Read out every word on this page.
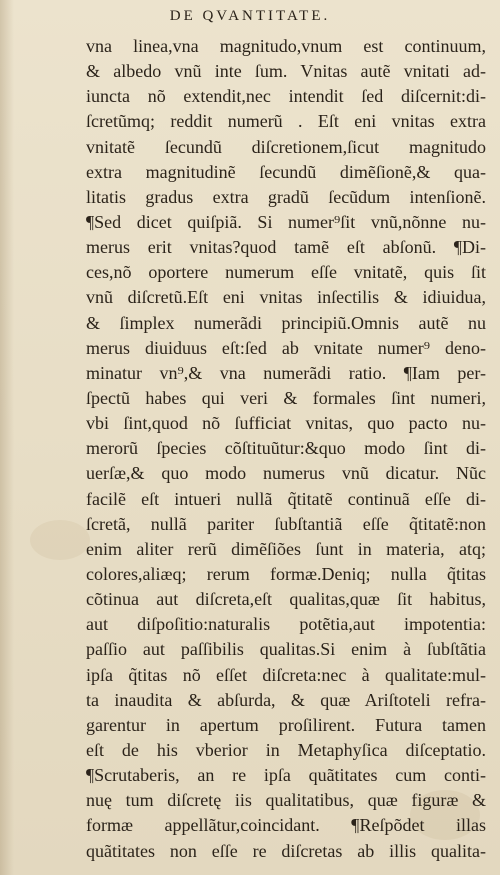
DE QVANTITATE.
vna linea,vna magnitudo,vnum est continuum,
& albedo vnũ inte ſum. Vnitas autẽ vnitati ad-
iuncta nõ extendit,nec intendit ſed diſcernit:di-
ſcretũmq; reddit numerũ . Eſt eni vnitas extra
vnitatẽ ſecundũ diſcretionem,ſicut magnitudo
extra magnitudinẽ ſecundũ dimẽſionẽ,& qua-
litatis gradus extra gradũ ſecũdum intenſionẽ.
¶Sed dicet quiſpiã. Si numer⁹ſit vnũ,nõnne nu-
merus erit vnitas?quod tamẽ eſt abſonũ. ¶Di-
ces,nõ oportere numerum eſſe vnitatẽ, quis ſit
vnũ diſcretũ.Eſt eni vnitas inſectilis & idiuidua,
& ſimplex numerãdi principiũ.Omnis autẽ nu
merus diuiduus eſt:ſed ab vnitate numer⁹ deno-
minatur vn⁹,& vna numerãdi ratio. ¶Iam per-
ſpectũ habes qui veri & formales ſint numeri,
vbi ſint,quod nõ ſufficiat vnitas, quo pacto nu-
merorũ ſpecies cõſtituũtur:&quo modo ſint di-
uerſæ,& quo modo numerus vnũ dicatur. Nũc
facilẽ eſt intueri nullã q̃titatẽ continuã eſſe di-
ſcretã, nullã pariter ſubſtantiã eſſe q̃titatẽ:non
enim aliter rerũ dimẽſiões ſunt in materia, atq;
colores,aliæq; rerum formæ.Deniq; nulla q̃titas
cõtinua aut diſcreta,eſt qualitas,quæ ſit habitus,
aut diſpoſitio:naturalis potẽtia,aut impotentia:
paſſio aut paſſibilis qualitas.Si enim à ſubſtãtia
ipſa q̃titas nõ eſſet diſcreta:nec à qualitate:mul-
ta inaudita & abſurda, & quæ Ariſtoteli refra-
garentur in apertum proſilirent. Futura tamen
eſt de his vberior in Metaphyſica diſceptatio.
¶Scrutaberis, an re ipſa quãtitates cum conti-
nuę tum diſcretę iis qualitatibus, quæ figuræ &
formæ appellãtur,coincidant. ¶Reſpõdet illas
quãtitates non eſſe re diſcretas ab illis qualita-
